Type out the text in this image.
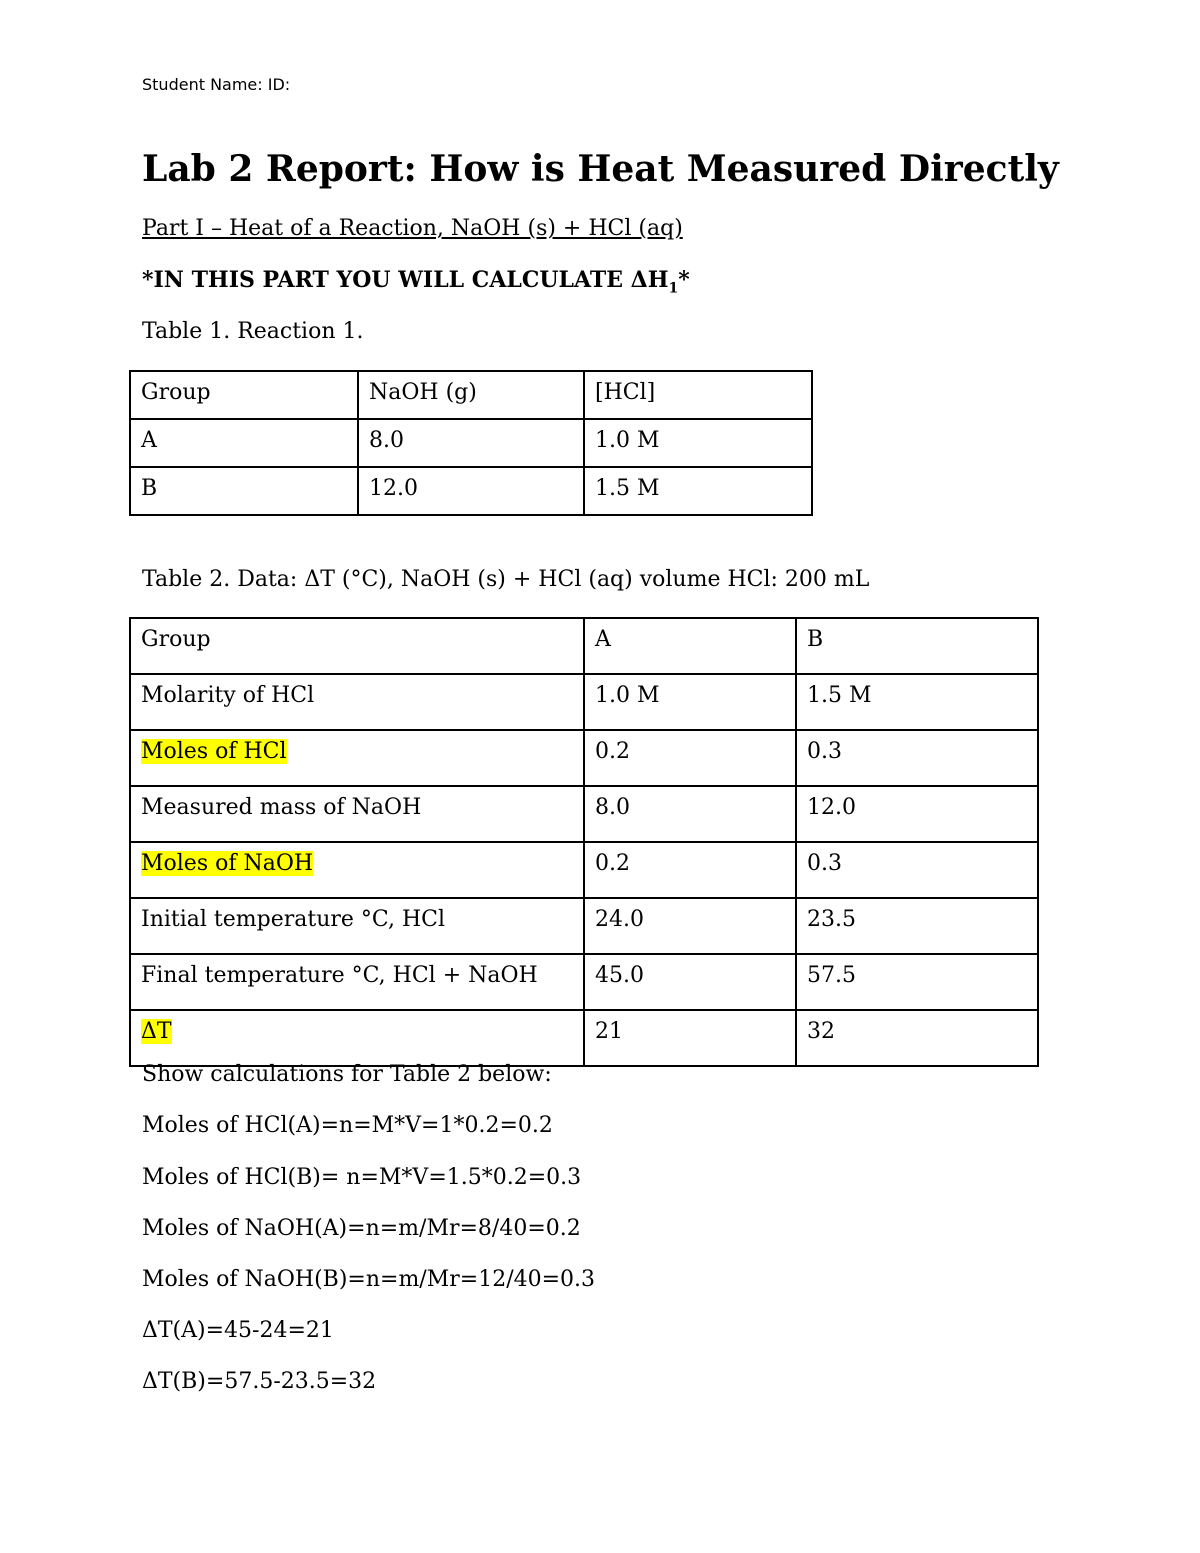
Student Name: ID:
Lab 2 Report: How is Heat Measured Directly
Part I – Heat of a Reaction, NaOH (s) + HCl (aq)
*IN THIS PART YOU WILL CALCULATE $\Delta H_1*$
Table 1. Reaction 1.
Group	NaOH (g)	[HCl]
A	8.0	1.0 M
B	12.0	1.5 M
Table 2. Data: ΔT (°C), NaOH (s) + HCl (aq) volume HCl: 200 mL
Group	A	B
Molarity of HCl	1.0 M	1.5 M
Moles of HCl	0.2	0.3
Measured mass of NaOH	8.0	12.0
Moles of NaOH	0.2	0.3
Initial temperature °C, HCl	24.0	23.5
Final temperature °C, HCl + NaOH	45.0	57.5
ΔT	21	32
Show calculations for Table 2 below:
Moles of HCl(A)=n=M*V=1*0.2=0.2
Moles of HCl(B)= n=M*V=1.5*0.2=0.3
Moles of NaOH(A)=n=m/Mr=8/40=0.2
Moles of NaOH(B)=n=m/Mr=12/40=0.3
ΔT(A)=45-24=21
ΔT(B)=57.5-23.5=32
